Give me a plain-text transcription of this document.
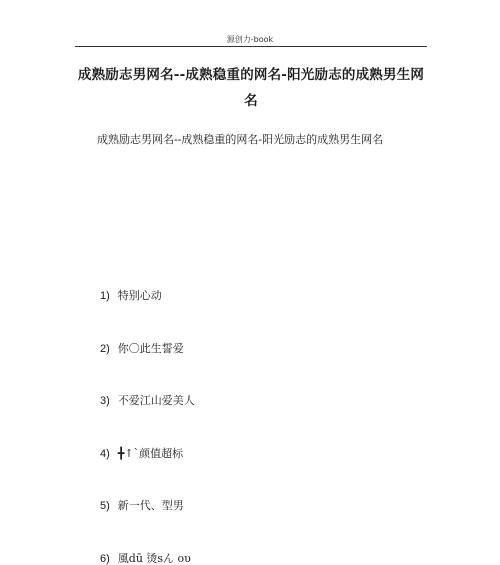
源创力-book
成熟励志男网名--成熟稳重的网名-阳光励志的成熟男生网名
成熟励志男网名--成熟稳重的网名-阳光励志的成熟男生网名
1) 特别心动
2) 你〇此生誓爱
3) 不爱江山爱美人
4) ╋↑`颜值超标
5) 新一代、型男
6) 風dū 烫sん ου
